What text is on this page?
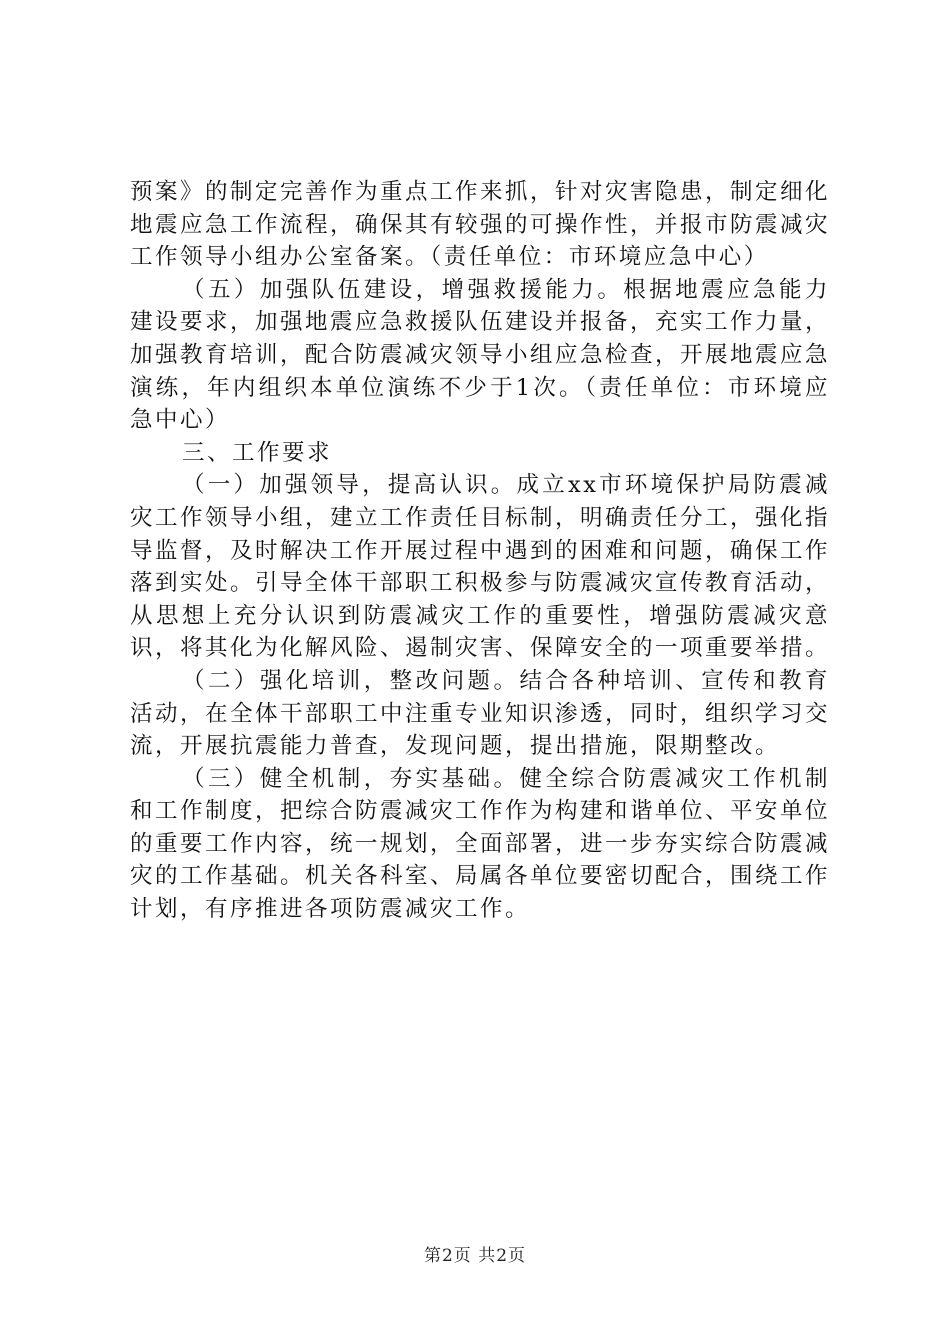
预案》的制定完善作为重点工作来抓，针对灾害隐患，制定细化地震应急工作流程，确保其有较强的可操作性，并报市防震减灾工作领导小组办公室备案。（责任单位：市环境应急中心）

（五）加强队伍建设，增强救援能力。根据地震应急能力建设要求，加强地震应急救援队伍建设并报备，充实工作力量，加强教育培训，配合防震减灾领导小组应急检查，开展地震应急演练，年内组织本单位演练不少于1次。（责任单位：市环境应急中心）

三、工作要求

（一）加强领导，提高认识。成立xx市环境保护局防震减灾工作领导小组，建立工作责任目标制，明确责任分工，强化指导监督，及时解决工作开展过程中遇到的困难和问题，确保工作落到实处。引导全体干部职工积极参与防震减灾宣传教育活动，从思想上充分认识到防震减灾工作的重要性，增强防震减灾意识，将其化为化解风险、遏制灾害、保障安全的一项重要举措。

（二）强化培训，整改问题。结合各种培训、宣传和教育活动，在全体干部职工中注重专业知识渗透，同时，组织学习交流，开展抗震能力普查，发现问题，提出措施，限期整改。

（三）健全机制，夯实基础。健全综合防震减灾工作机制和工作制度，把综合防震减灾工作作为构建和谐单位、平安单位的重要工作内容，统一规划，全面部署，进一步夯实综合防震减灾的工作基础。机关各科室、局属各单位要密切配合，围绕工作计划，有序推进各项防震减灾工作。

第2页 共2页
